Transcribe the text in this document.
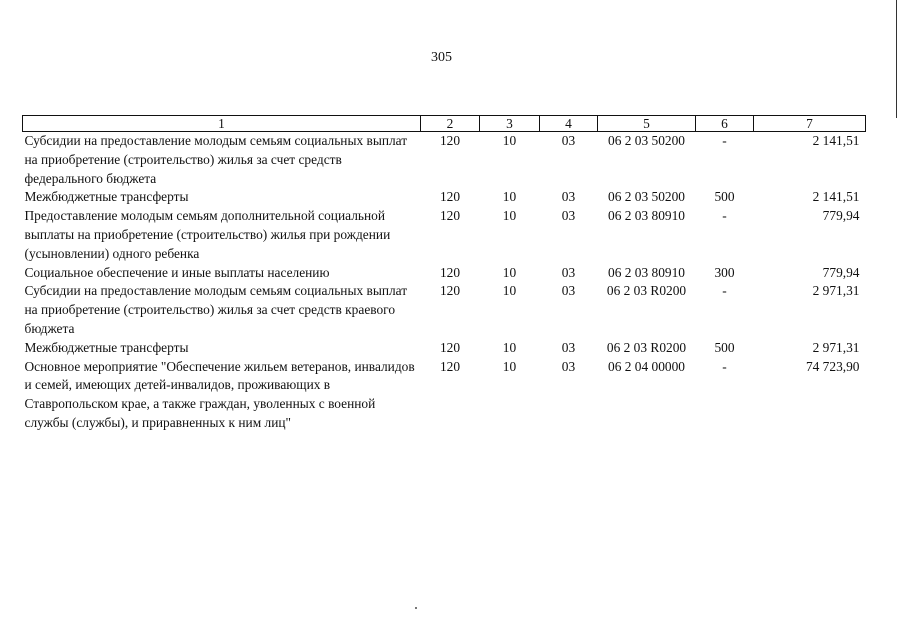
305
1	2	3	4	5	6	7
Субсидии на предоставление молодым семьям социальных выплат на приобретение (строительство) жилья за счет средств федерального бюджета	120	10	03	06 2 03 50200	-	2 141,51
Межбюджетные трансферты	120	10	03	06 2 03 50200	500	2 141,51
Предоставление молодым семьям дополнительной социальной выплаты на приобретение (строительство) жилья при рождении (усыновлении) одного ребенка	120	10	03	06 2 03 80910	-	779,94
Социальное обеспечение и иные выплаты населению	120	10	03	06 2 03 80910	300	779,94
Субсидии на предоставление молодым семьям социальных выплат на приобретение (строительство) жилья за счет средств краевого бюджета	120	10	03	06 2 03 R0200	-	2 971,31
Межбюджетные трансферты	120	10	03	06 2 03 R0200	500	2 971,31
Основное мероприятие "Обеспечение жильем ветеранов, инвалидов и семей, имеющих детей-инвалидов, проживающих в Ставропольском крае, а также граждан, уволенных с военной службы (службы), и приравненных к ним лиц"	120	10	03	06 2 04 00000	-	74 723,90
